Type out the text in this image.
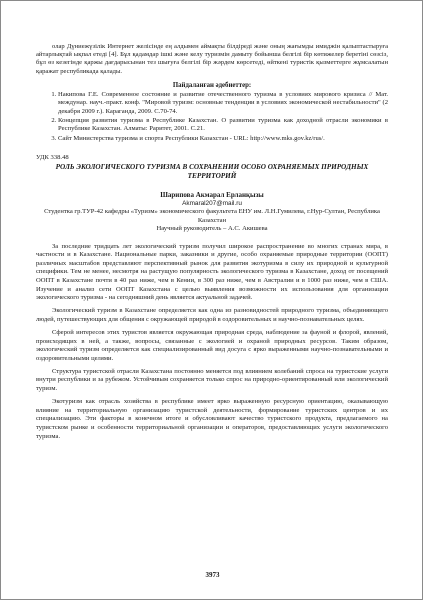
олар Дүниежүзілік Интернет желісінде ең алдымен аймақты білдіреді және оның жағымды имиджін қалыптастыруға айтарлықтай ықпал етеді [4]. Бұл қадамдар ішкі және келу туризмін дамыту бойынша белгілі бір көтижелер беретіні сөзсіз, бұл өз кезегінде қаржы дағдарысынан тез шығуға белгілі бір жәрдем көрсетеді, өйткені туристік қызметтерге жұмсалатын қаражат республикада қалады.

Пайдаланған әдебиеттер:

1. Накипова Г.Е. Современное состояние и развитие отечественного туризма в условиях мирового кризиса // Мат. междунар. науч.-практ. конф. "Мировой туризм: основные тенденции в условиях экономической нестабильности" (2 декабря 2009 г.). Караганда, 2009. С.70-74.
2. Концепция развития туризма в Республике Казахстан. О развитии туризма как доходной отрасли экономики в Республике Казахстан. Алматы: Раритет, 2001. С.21.
3. Сайт Министерства туризма и спорта Республики Казахстан - URL: http://www.mks.gov.kz/rus/.

УДК 338.48

РОЛЬ ЭКОЛОГИЧЕСКОГО ТУРИЗМА В СОХРАНЕНИИ ОСОБО ОХРАНЯЕМЫХ ПРИРОДНЫХ ТЕРРИТОРИЙ

Шарипова Акмарал Ерланқызы

Akmaral207@mail.ru

Студентка гр.ТУР-42 кафедры «Туризм» экономического факультета ЕНУ им. Л.Н.Гумилева, г.Нур-Султан, Республика Казахстан

Научный руководитель – А.С. Акишева

За последние тридцать лет экологический туризм получил широкое распространение во многих странах мира, в частности и в Казахстане. Национальные парки, заказники и другие, особо охраняемые природные территории (ООПТ) различных масштабов представляют перспективный рынок для развития экотуризма в силу их природной и культурной специфики. Тем не менее, несмотря на растущую популярность экологического туризма в Казахстане, доход от посещений ООПТ в Казахстане почти в 40 раз ниже, чем в Кении, в 300 раз ниже, чем в Австралии и в 1000 раз ниже, чем в США. Изучение и анализ сети ООПТ Казахстана с целью выявления возможности их использования для организации экологического туризма - на сегодняшний день является актуальной задачей.

Экологический туризм в Казахстане определяется как одна из разновидностей природного туризма, объединяющего людей, путешествующих для общения с окружающей природой в оздоровительных и научно-познавательных целях.

Сферой интересов этих туристов является окружающая природная среда, наблюдение за фауной и флорой, явлений, происходящих в ней, а также, вопросы, связанные с экологией и охраной природных ресурсов. Таким образом, экологический туризм определяется как специализированный вид досуга с ярко выраженными научно-познавательными и оздоровительными целями.

Структура туристской отрасли Казахстана постоянно меняется под влиянием колебаний спроса на туристские услуги внутри республики и за рубежом. Устойчивым сохраняется только спрос на природно-ориентированный или экологический туризм.

Экотуризм как отрасль хозяйства в республике имеет ярко выраженную ресурсную ориентацию, оказывающую влияние на территориальную организацию туристской деятельности, формирование туристских центров и их специализацию. Эти факторы в конечном итоге и обусловливают качество туристского продукта, предлагаемого на туристском рынке и особенности территориальной организации и операторов, предоставляющих услуги экологического туризма.

3973
